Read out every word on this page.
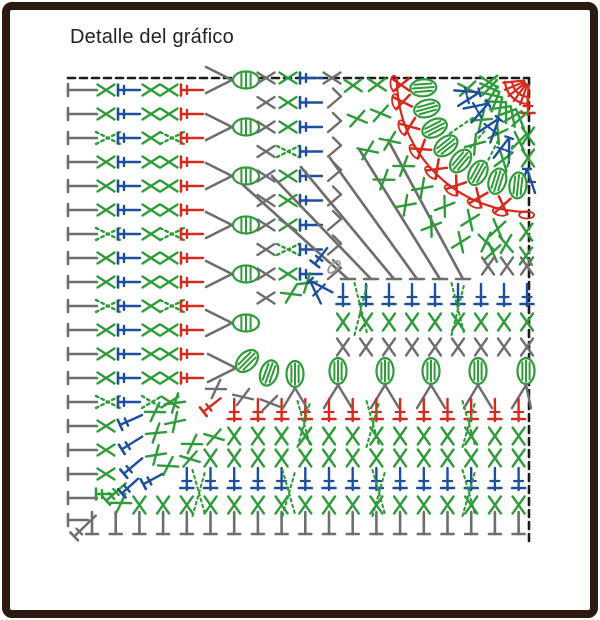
Detalle del gráfico
